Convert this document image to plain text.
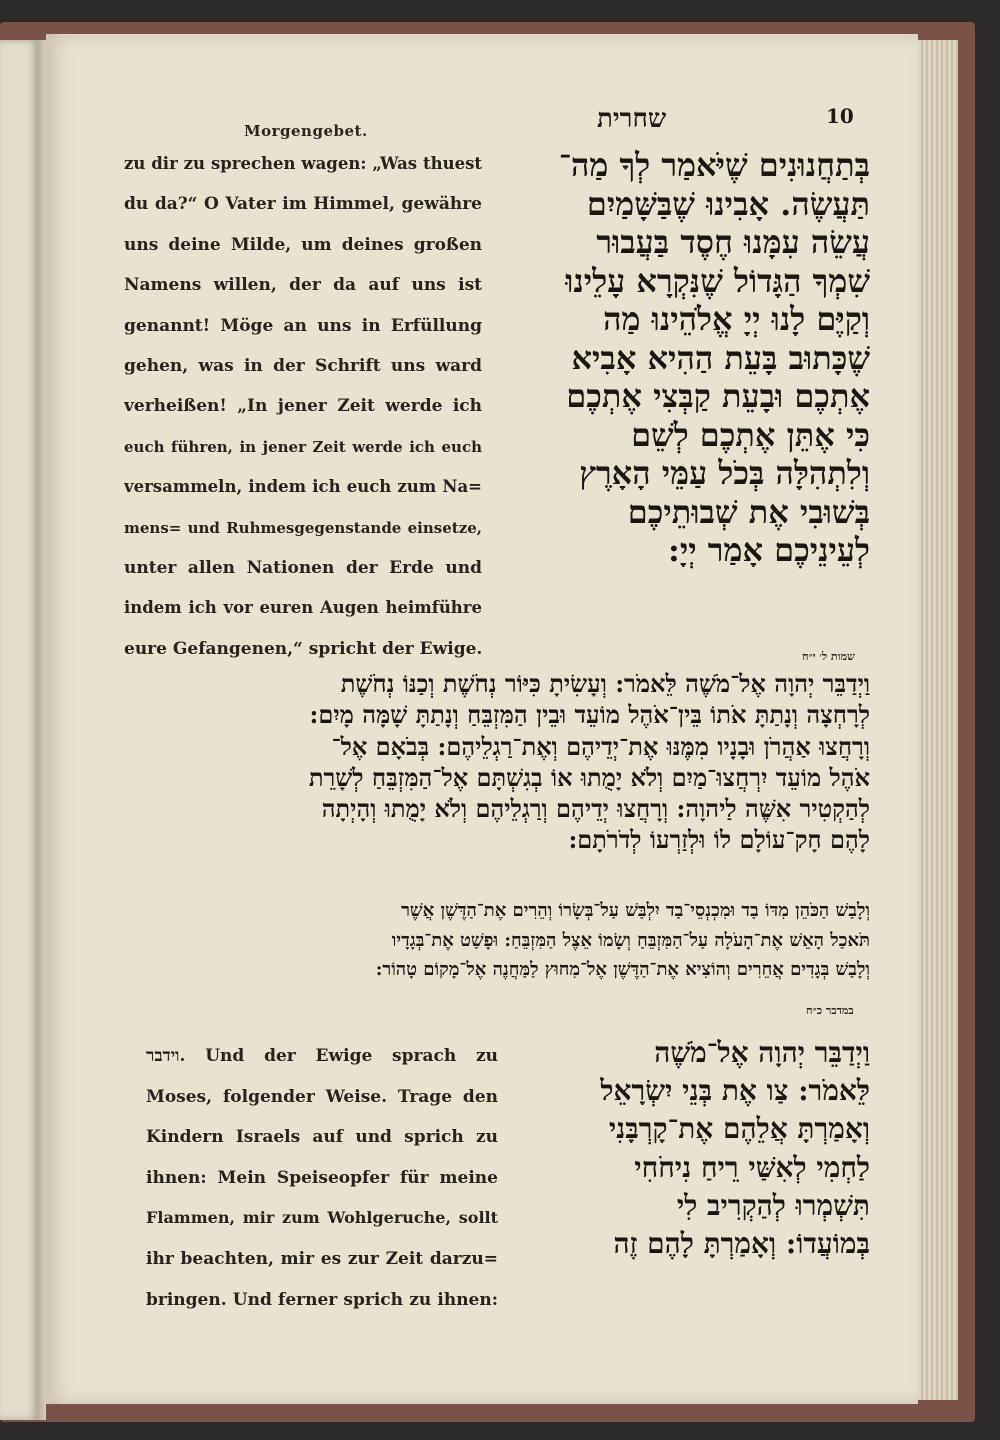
Morgengebet.	שחרית	10
zu dir zu sprechen wagen: „Was thuest
du da?“ O Vater im Himmel, gewähre
uns deine Milde, um deines großen
Namens willen, der da auf uns ist
genannt! Möge an uns in Erfüllung
gehen, was in der Schrift uns ward
verheißen! „In jener Zeit werde ich
euch führen, in jener Zeit werde ich euch
versammeln, indem ich euch zum Na=
mens= und Ruhmesgegenstande einsetze,
unter allen Nationen der Erde und
indem ich vor euren Augen heimführe
eure Gefangenen,“ spricht der Ewige.
בְּתַחֲנוּנִים שֶׁיֹּאמַר לְךָ מַה־
תַּעֲשֶׂה. אָבִינוּ שֶׁבַּשָּׁמַיִם
עֲשֵׂה עִמָּנוּ חֶסֶד בַּעֲבוּר
שִׁמְךָ הַגָּדוֹל שֶׁנִּקְרָא עָלֵינוּ
וְקַיֶּם לָנוּ יְיָ אֱלֹהֵינוּ מַה
שֶׁכָּתוּב בָּעֵת הַהִיא אָבִיא
אֶתְכֶם וּבָעֵת קַבְּצִי אֶתְכֶם
כִּי אֶתֵּן אֶתְכֶם לְשֵׁם
וְלִתְהִלָּה בְּכֹל עַמֵּי הָאָרֶץ
בְּשׁוּבִי אֶת שְׁבוּתֵיכֶם
לְעֵינֵיכֶם אָמַר יְיָ:
שמות ל׳ י״ח
וַיְדַבֵּר יְהוָה אֶל־מֹשֶׁה לֵּאמֹר: וְעָשִׂיתָ כִּיּוֹר נְחֹשֶׁת וְכַנּוֹ נְחֹשֶׁת
לְרָחְצָה וְנָתַתָּ אֹתוֹ בֵּין־אֹהֶל מוֹעֵד וּבֵין הַמִּזְבֵּחַ וְנָתַתָּ שָׁמָּה מָיִם:
וְרָחֲצוּ אַהֲרֹן וּבָנָיו מִמֶּנּוּ אֶת־יְדֵיהֶם וְאֶת־רַגְלֵיהֶם: בְּבֹאָם אֶל־
אֹהֶל מוֹעֵד יִרְחֲצוּ־מַיִם וְלֹא יָמֻתוּ אוֹ בְגִשְׁתָּם אֶל־הַמִּזְבֵּחַ לְשָׁרֵת
לְהַקְטִיר אִשֶּׁה לַיהוָה: וְרָחֲצוּ יְדֵיהֶם וְרַגְלֵיהֶם וְלֹא יָמֻתוּ וְהָיְתָה
לָהֶם חָק־עוֹלָם לוֹ וּלְזַרְעוֹ לְדֹרֹתָם:
וְלָבַשׁ הַכֹּהֵן מִדּוֹ בַד וּמִכְנְסֵי־בַד יִלְבַּשׁ עַל־בְּשָׂרוֹ וְהֵרִים אֶת־הַדֶּשֶׁן אֲשֶׁר
תֹּאכַל הָאֵשׁ אֶת־הָעֹלָה עַל־הַמִּזְבֵּחַ וְשָׂמוֹ אֵצֶל הַמִּזְבֵּחַ: וּפָשַׁט אֶת־בְּגָדָיו
וְלָבַשׁ בְּגָדִים אֲחֵרִים וְהוֹצִיא אֶת־הַדֶּשֶׁן אֶל־מִחוּץ לַמַּחֲנֶה אֶל־מָקוֹם טָהוֹר:
במדבר כ״ח
וידבר. Und der Ewige sprach zu
Moses, folgender Weise. Trage den
Kindern Israels auf und sprich zu
ihnen: Mein Speiseopfer für meine
Flammen, mir zum Wohlgeruche, sollt
ihr beachten, mir es zur Zeit darzu=
bringen. Und ferner sprich zu ihnen:
וַיְדַבֵּר יְהוָה אֶל־מֹשֶׁה
לֵּאמֹר: צַו אֶת בְּנֵי יִשְׂרָאֵל
וְאָמַרְתָּ אֲלֵהֶם אֶת־קָרְבָּנִי
לַחְמִי לְאִשַּׁי רֵיחַ נִיחֹחִי
תִּשְׁמְרוּ לְהַקְרִיב לִי
בְּמוֹעֲדוֹ: וְאָמַרְתָּ לָהֶם זֶה
